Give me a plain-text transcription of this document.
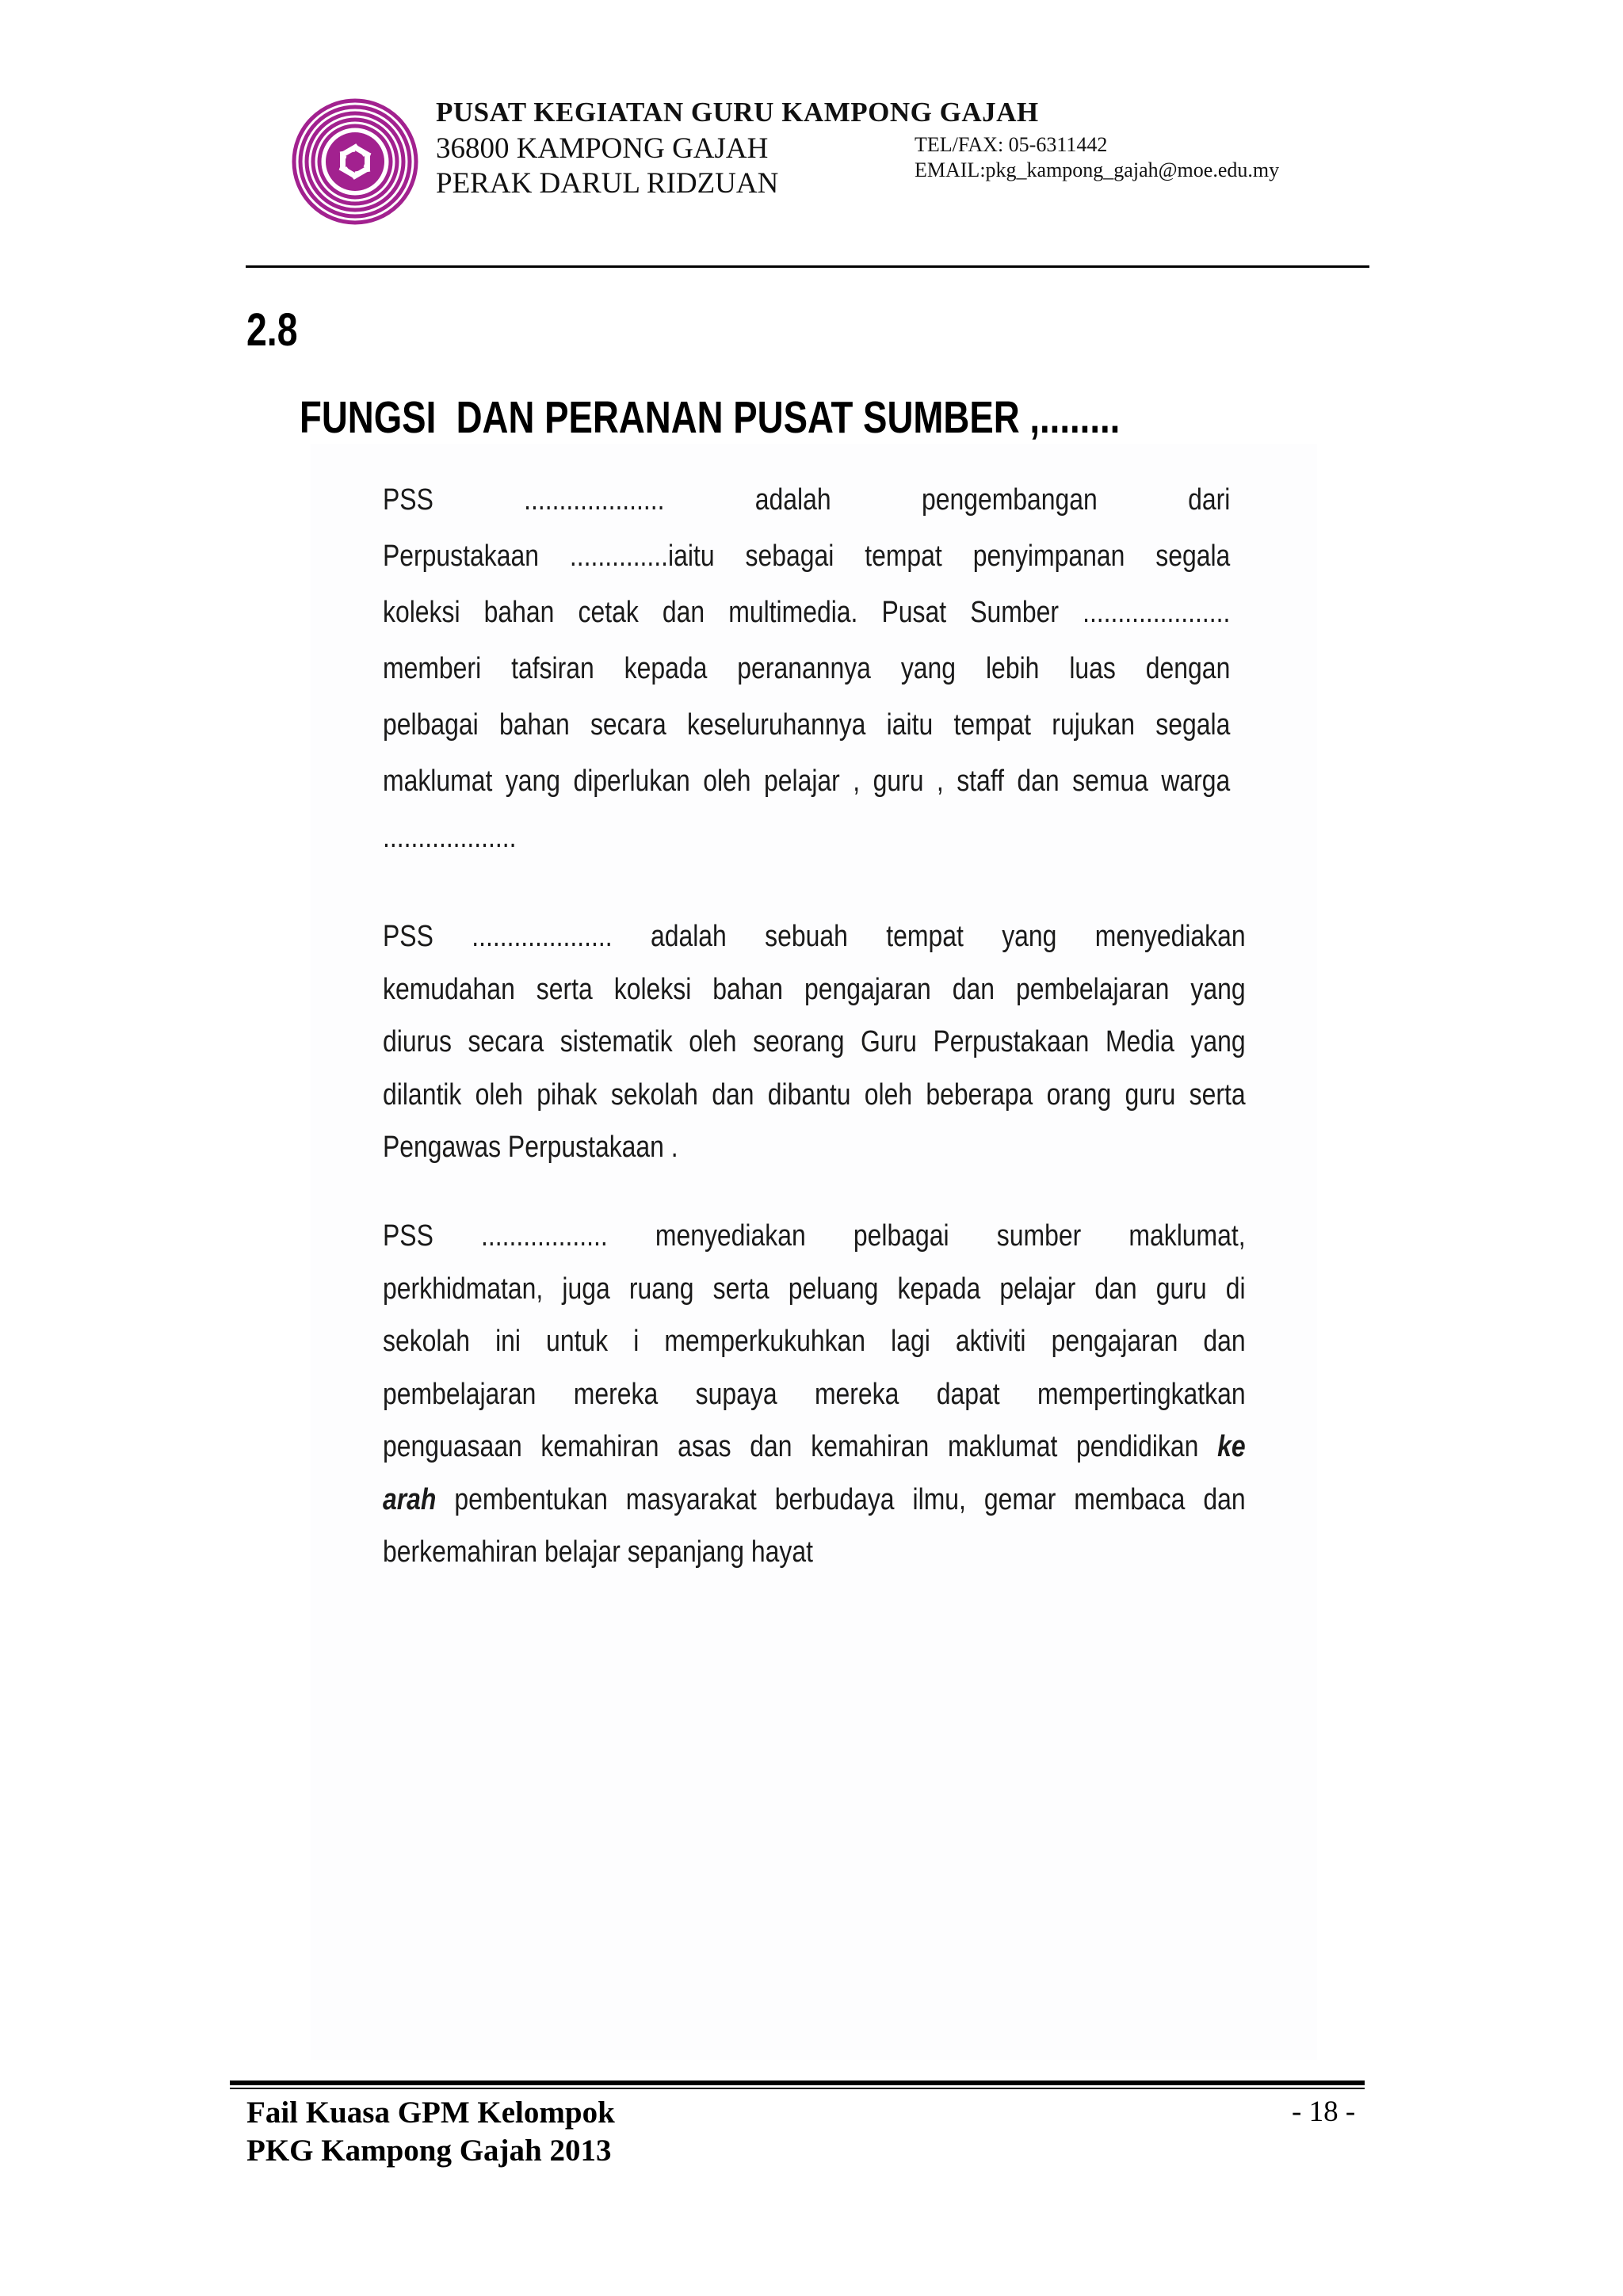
PUSAT KEGIATAN GURU KAMPONG GAJAH
36800 KAMPONG GAJAH
PERAK DARUL RIDZUAN
TEL/FAX: 05-6311442
EMAIL:pkg_kampong_gajah@moe.edu.my
2.8
FUNGSI  DAN PERANAN PUSAT SUMBER ,........
PSS .................... adalah pengembangan dari
Perpustakaan ..............iaitu sebagai tempat penyimpanan segala
koleksi bahan cetak dan multimedia. Pusat Sumber .....................
memberi tafsiran kepada peranannya yang lebih luas dengan
pelbagai bahan secara keseluruhannya iaitu tempat rujukan segala
maklumat yang diperlukan oleh pelajar , guru , staff dan semua warga
...................
PSS .................... adalah sebuah tempat yang menyediakan
kemudahan serta koleksi bahan pengajaran dan pembelajaran yang
diurus secara sistematik oleh seorang Guru Perpustakaan Media yang
dilantik oleh pihak sekolah dan dibantu oleh beberapa orang guru serta
Pengawas Perpustakaan .
PSS .................. menyediakan pelbagai sumber maklumat,
perkhidmatan, juga ruang serta peluang kepada pelajar dan guru di
sekolah ini untuk i memperkukuhkan lagi aktiviti pengajaran dan
pembelajaran mereka supaya mereka dapat mempertingkatkan
penguasaan kemahiran asas dan kemahiran maklumat pendidikan ke
arah pembentukan masyarakat berbudaya ilmu, gemar membaca dan
berkemahiran belajar sepanjang hayat
Fail Kuasa GPM Kelompok
PKG Kampong Gajah 2013
- 18 -
